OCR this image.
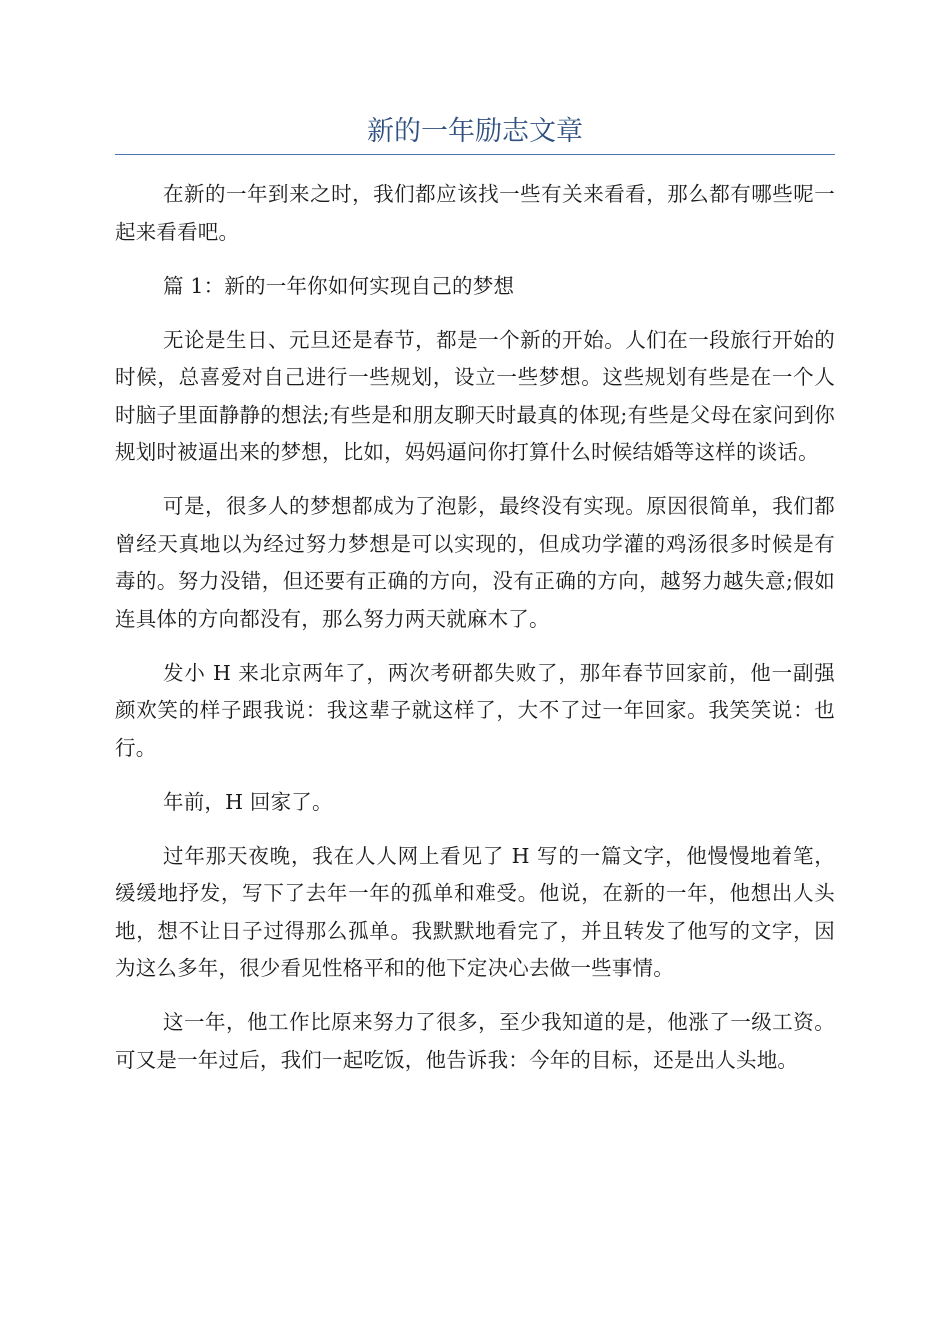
新的一年励志文章

在新的一年到来之时，我们都应该找一些有关来看看，那么都有哪些呢一起来看看吧。

篇 1：新的一年你如何实现自己的梦想

无论是生日、元旦还是春节，都是一个新的开始。人们在一段旅行开始的时候，总喜爱对自己进行一些规划，设立一些梦想。这些规划有些是在一个人时脑子里面静静的想法;有些是和朋友聊天时最真的体现;有些是父母在家问到你规划时被逼出来的梦想，比如，妈妈逼问你打算什么时候结婚等这样的谈话。

可是，很多人的梦想都成为了泡影，最终没有实现。原因很简单，我们都曾经天真地以为经过努力梦想是可以实现的，但成功学灌的鸡汤很多时候是有毒的。努力没错，但还要有正确的方向，没有正确的方向，越努力越失意;假如连具体的方向都没有，那么努力两天就麻木了。

发小 H 来北京两年了，两次考研都失败了，那年春节回家前，他一副强颜欢笑的样子跟我说：我这辈子就这样了，大不了过一年回家。我笑笑说：也行。

年前，H 回家了。

过年那天夜晚，我在人人网上看见了 H 写的一篇文字，他慢慢地着笔，缓缓地抒发，写下了去年一年的孤单和难受。他说，在新的一年，他想出人头地，想不让日子过得那么孤单。我默默地看完了，并且转发了他写的文字，因为这么多年，很少看见性格平和的他下定决心去做一些事情。

这一年，他工作比原来努力了很多，至少我知道的是，他涨了一级工资。可又是一年过后，我们一起吃饭，他告诉我：今年的目标，还是出人头地。
